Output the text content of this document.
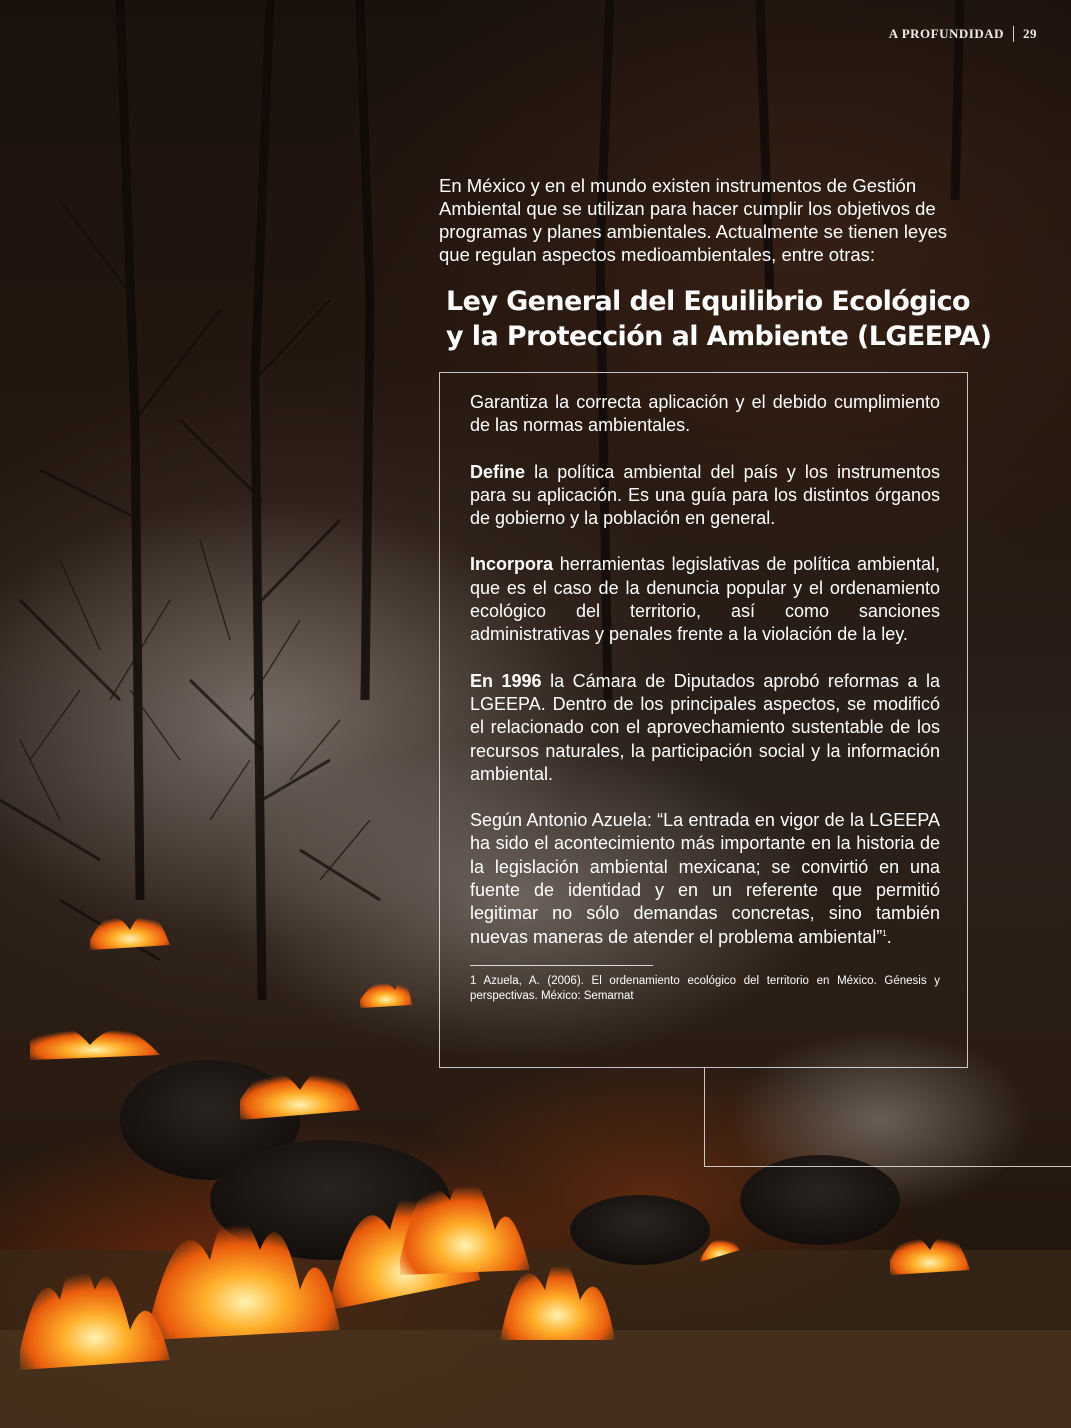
A PROFUNDIDAD 29
En México y en el mundo existen instrumentos de Gestión Ambiental que se utilizan para hacer cumplir los objetivos de programas y planes ambientales. Actualmente se tienen leyes que regulan aspectos medioambientales, entre otras:
Ley General del Equilibrio Ecológico
y la Protección al Ambiente (LGEEPA)

Garantiza la correcta aplicación y el debido cumplimiento de las normas ambientales.

Define la política ambiental del país y los instrumentos para su aplicación. Es una guía para los distintos órganos de gobierno y la población en general.

Incorpora herramientas legislativas de política ambiental, que es el caso de la denuncia popular y el ordenamiento ecológico del territorio, así como sanciones administrativas y penales frente a la violación de la ley.

En 1996 la Cámara de Diputados aprobó reformas a la LGEEPA. Dentro de los principales aspectos, se modificó el relacionado con el aprovechamiento sustentable de los recursos naturales, la participación social y la información ambiental.

Según Antonio Azuela: “La entrada en vigor de la LGEEPA ha sido el acontecimiento más importante en la historia de la legislación ambiental mexicana; se convirtió en una fuente de identidad y en un referente que permitió legitimar no sólo demandas concretas, sino también nuevas maneras de atender el problema ambiental”$^1$.

1 Azuela, A. (2006). El ordenamiento ecológico del territorio en México. Génesis y perspectivas. México: Semarnat
